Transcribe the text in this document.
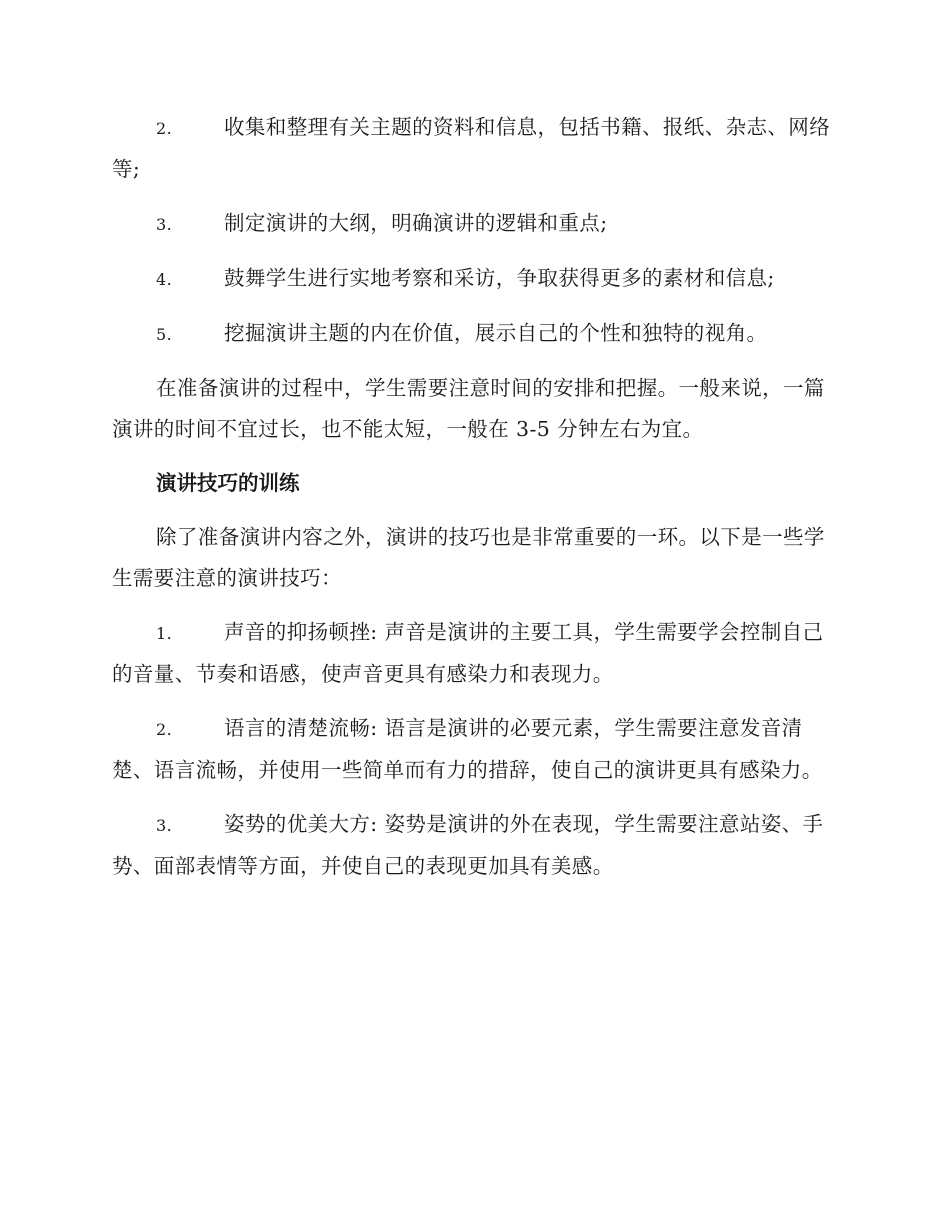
2.	收集和整理有关主题的资料和信息，包括书籍、报纸、杂志、网络等;

3.	制定演讲的大纲，明确演讲的逻辑和重点;

4.	鼓舞学生进行实地考察和采访，争取获得更多的素材和信息;

5.	挖掘演讲主题的内在价值，展示自己的个性和独特的视角。

在准备演讲的过程中，学生需要注意时间的安排和把握。一般来说，一篇演讲的时间不宜过长，也不能太短，一般在 3-5 分钟左右为宜。

演讲技巧的训练

除了准备演讲内容之外，演讲的技巧也是非常重要的一环。以下是一些学生需要注意的演讲技巧：

1.	声音的抑扬顿挫: 声音是演讲的主要工具，学生需要学会控制自己的音量、节奏和语感，使声音更具有感染力和表现力。

2.	语言的清楚流畅: 语言是演讲的必要元素，学生需要注意发音清楚、语言流畅，并使用一些简单而有力的措辞，使自己的演讲更具有感染力。

3.	姿势的优美大方: 姿势是演讲的外在表现，学生需要注意站姿、手势、面部表情等方面，并使自己的表现更加具有美感。
